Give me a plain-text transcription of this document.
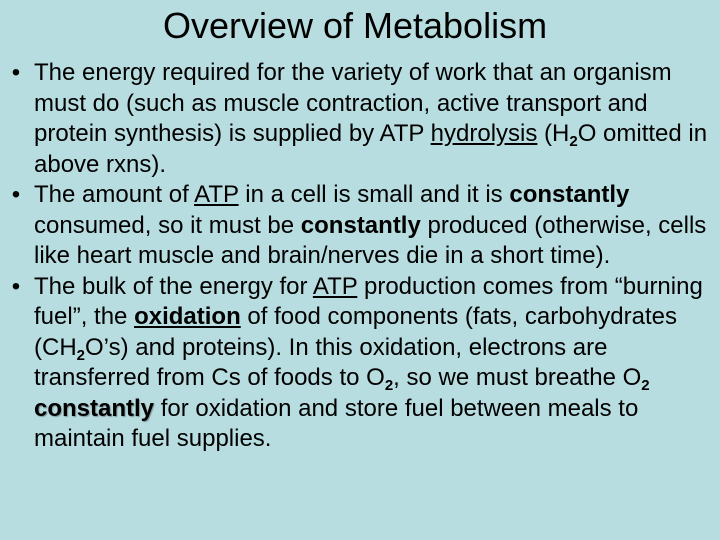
Overview of Metabolism
• The energy required for the variety of work that an organism must do (such as muscle contraction, active transport and protein synthesis) is supplied by ATP hydrolysis ($H_2O$ omitted in above rxns).
• The amount of ATP in a cell is small and it is constantly consumed, so it must be constantly produced (otherwise, cells like heart muscle and brain/nerves die in a short time).
• The bulk of the energy for ATP production comes from “burning fuel”, the oxidation of food components (fats, carbohydrates $(CH_2O’s)$ and proteins). In this oxidation, electrons are transferred from Cs of foods to $O_2$, so we must breathe $O_2$ constantly for oxidation and store fuel between meals to maintain fuel supplies.
